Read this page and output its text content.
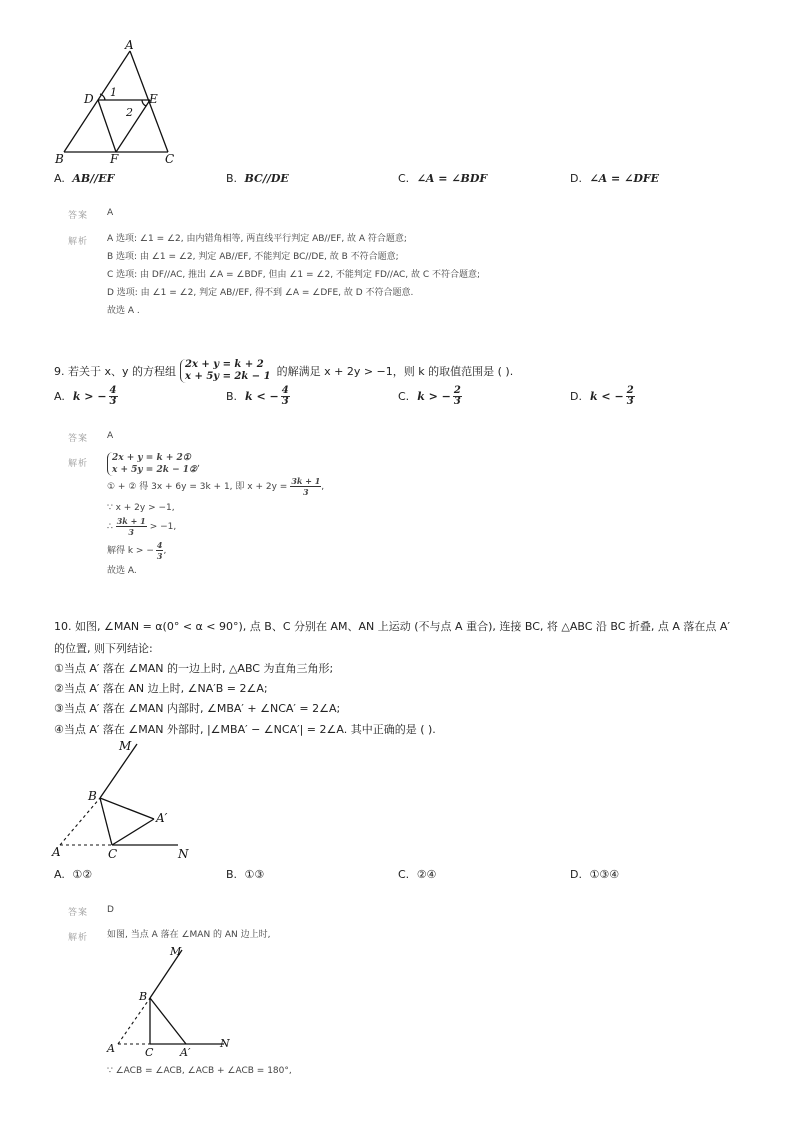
A
D	E
1
2
B	F	C
A. AB//EF	B. BC//DE	C. ∠A = ∠BDF	D. ∠A = ∠DFE
答案 A
解析 A 选项: ∠1 = ∠2, 由内错角相等, 两直线平行判定 AB//EF, 故 A 符合题意;
B 选项: 由 ∠1 = ∠2, 判定 AB//EF, 不能判定 BC//DE, 故 B 不符合题意;
C 选项: 由 DF//AC, 推出 ∠A = ∠BDF, 但由 ∠1 = ∠2, 不能判定 FD//AC, 故 C 不符合题意;
D 选项: 由 ∠1 = ∠2, 判定 AB//EF, 得不到 ∠A = ∠DFE, 故 D 不符合题意.
故选 A .
9. 若关于 x、y 的方程组
2x + y = k + 2
x + 5y = 2k − 1 的解满足 x + 2y > −1，则 k 的取值范围是 ( ).
A. k > − $\frac{4}{3}$	B. k < − $\frac{4}{3}$	C. k > − $\frac{2}{3}$	D. k < − $\frac{2}{3}$
答案 A
解析
2x + y = k + 2①
x + 5y = 2k − 1②
,
① + ② 得 3x + 6y = 3k + 1, 即 $x + 2y = \frac{3k + 1}{3}$ ,
∵ x + 2y > −1,
∴ $\frac{3k + 1}{3} > -1$,
解得 k > − $\frac{4}{3}$ ,
故选 A.
10. 如图, ∠MAN = α(0° < α < 90°), 点 B、C 分别在 AM、AN 上运动 (不与点 A 重合), 连接 BC, 将 △ABC 沿 BC 折叠, 点 A 落在点 A′
的位置, 则下列结论:
①当点 A′ 落在 ∠MAN 的一边上时, △ABC 为直角三角形;
②当点 A′ 落在 AN 边上时, ∠NA′B = 2∠A;
③当点 A′ 落在 ∠MAN 内部时, ∠MBA′ + ∠NCA′ = 2∠A;
④当点 A′ 落在 ∠MAN 外部时, |∠MBA′ − ∠NCA′| = 2∠A. 其中正确的是 ( ).
M
B
A′
A	C	N
A. ①②	B. ①③	C. ②④	D. ①③④
答案 D
解析 如图, 当点 A 落在 ∠MAN 的 AN 边上时,
M
B
A	C A′
N
∵ ∠ACB = ∠ACB, ∠ACB + ∠ACB = 180°,
